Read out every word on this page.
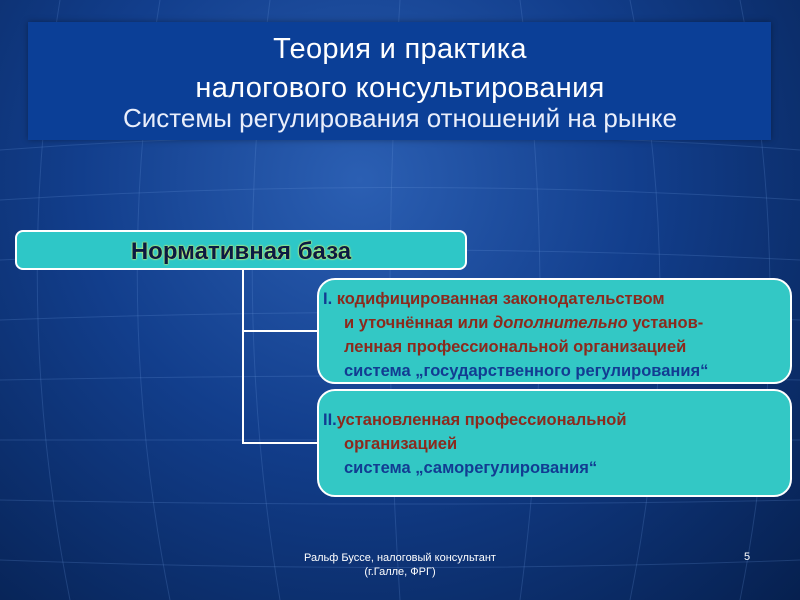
Теория и практика
налогового консультирования
Системы регулирования отношений на рынке
Нормативная база
I. кодифицированная законодательством
и уточнённая или дополнительно установ-
ленная профессиональной организацией
система „государственного регулирования“
II.установленная профессиональной
организацией
система „саморегулирования“
Ральф Буссе, налоговый консультант
(г.Галле, ФРГ)
5
